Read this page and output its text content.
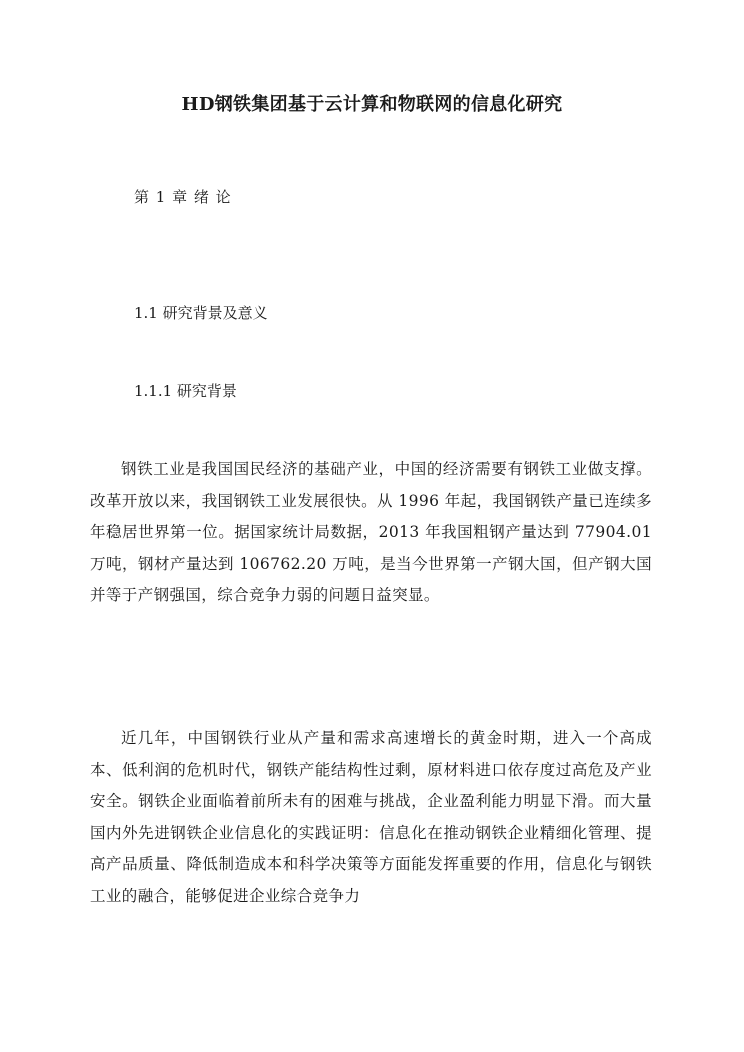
HD钢铁集团基于云计算和物联网的信息化研究
第 1 章 绪 论
1.1 研究背景及意义
1.1.1 研究背景

钢铁工业是我国国民经济的基础产业，中国的经济需要有钢铁工业做支撑。改革开放以来，我国钢铁工业发展很快。从 1996 年起，我国钢铁产量已连续多年稳居世界第一位。据国家统计局数据，2013 年我国粗钢产量达到 77904.01 万吨，钢材产量达到 106762.20 万吨，是当今世界第一产钢大国，但产钢大国并等于产钢强国，综合竞争力弱的问题日益突显。

近几年，中国钢铁行业从产量和需求高速增长的黄金时期，进入一个高成本、低利润的危机时代，钢铁产能结构性过剩，原材料进口依存度过高危及产业安全。钢铁企业面临着前所未有的困难与挑战，企业盈利能力明显下滑。而大量国内外先进钢铁企业信息化的实践证明：信息化在推动钢铁企业精细化管理、提高产品质量、降低制造成本和科学决策等方面能发挥重要的作用，信息化与钢铁工业的融合，能够促进企业综合竞争力
